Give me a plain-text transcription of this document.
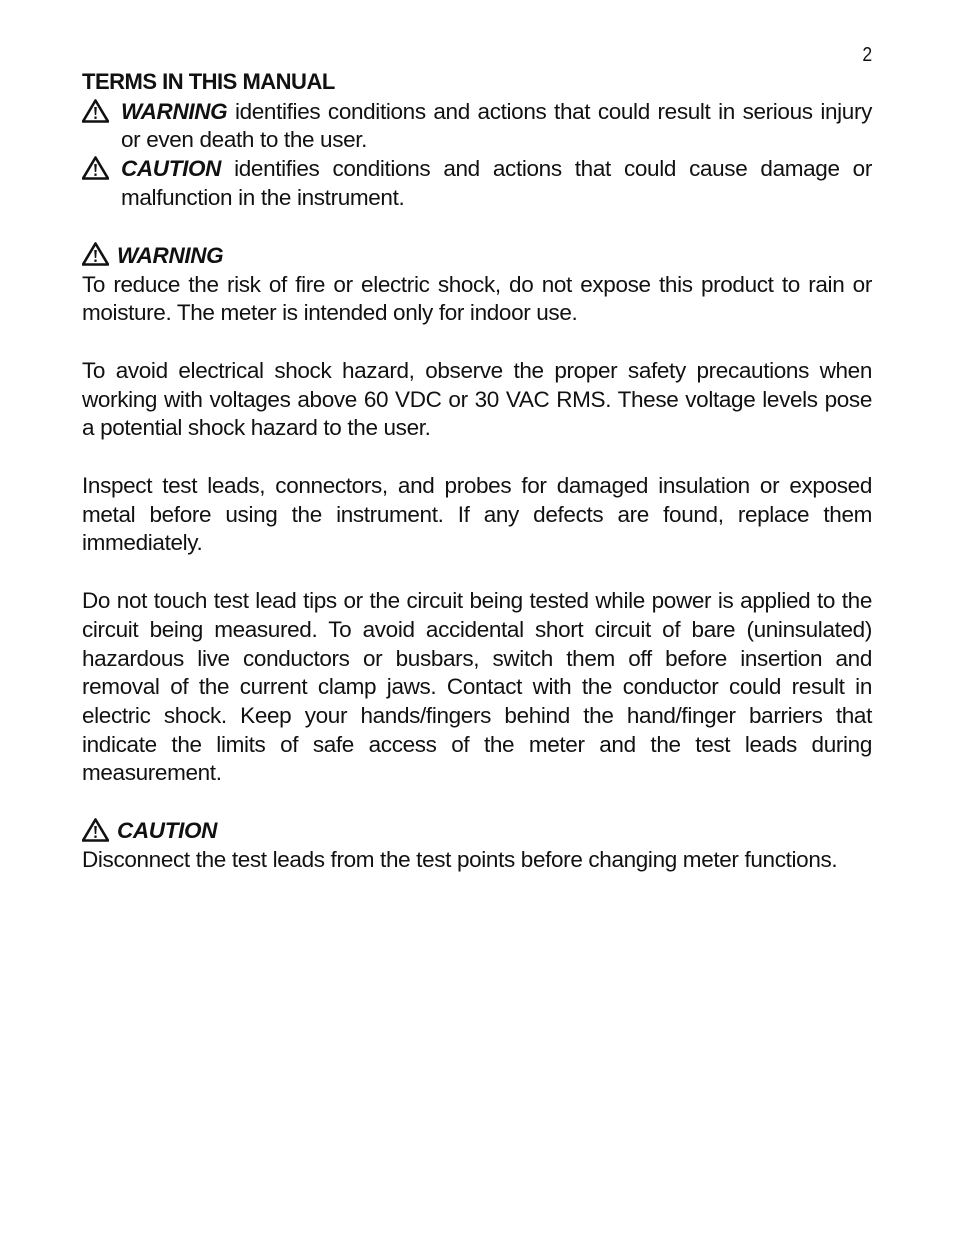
2
TERMS IN THIS MANUAL

WARNING identifies conditions and actions that could result in serious injury or even death to the user.

CAUTION identifies conditions and actions that could cause damage or malfunction in the instrument.

WARNING

To reduce the risk of fire or electric shock, do not expose this product to rain or moisture. The meter is intended only for indoor use.

To avoid electrical shock hazard, observe the proper safety precautions when working with voltages above 60 VDC or 30 VAC RMS. These voltage levels pose a potential shock hazard to the user.

Inspect test leads, connectors, and probes for damaged insulation or exposed metal before using the instrument. If any defects are found, replace them immediately.

Do not touch test lead tips or the circuit being tested while power is applied to the circuit being measured. To avoid accidental short circuit of bare (uninsulated) hazardous live conductors or busbars, switch them off before insertion and removal of the current clamp jaws. Contact with the conductor could result in electric shock. Keep your hands/fingers behind the hand/finger barriers that indicate the limits of safe access of the meter and the test leads during measurement.

CAUTION

Disconnect the test leads from the test points before changing meter functions.
